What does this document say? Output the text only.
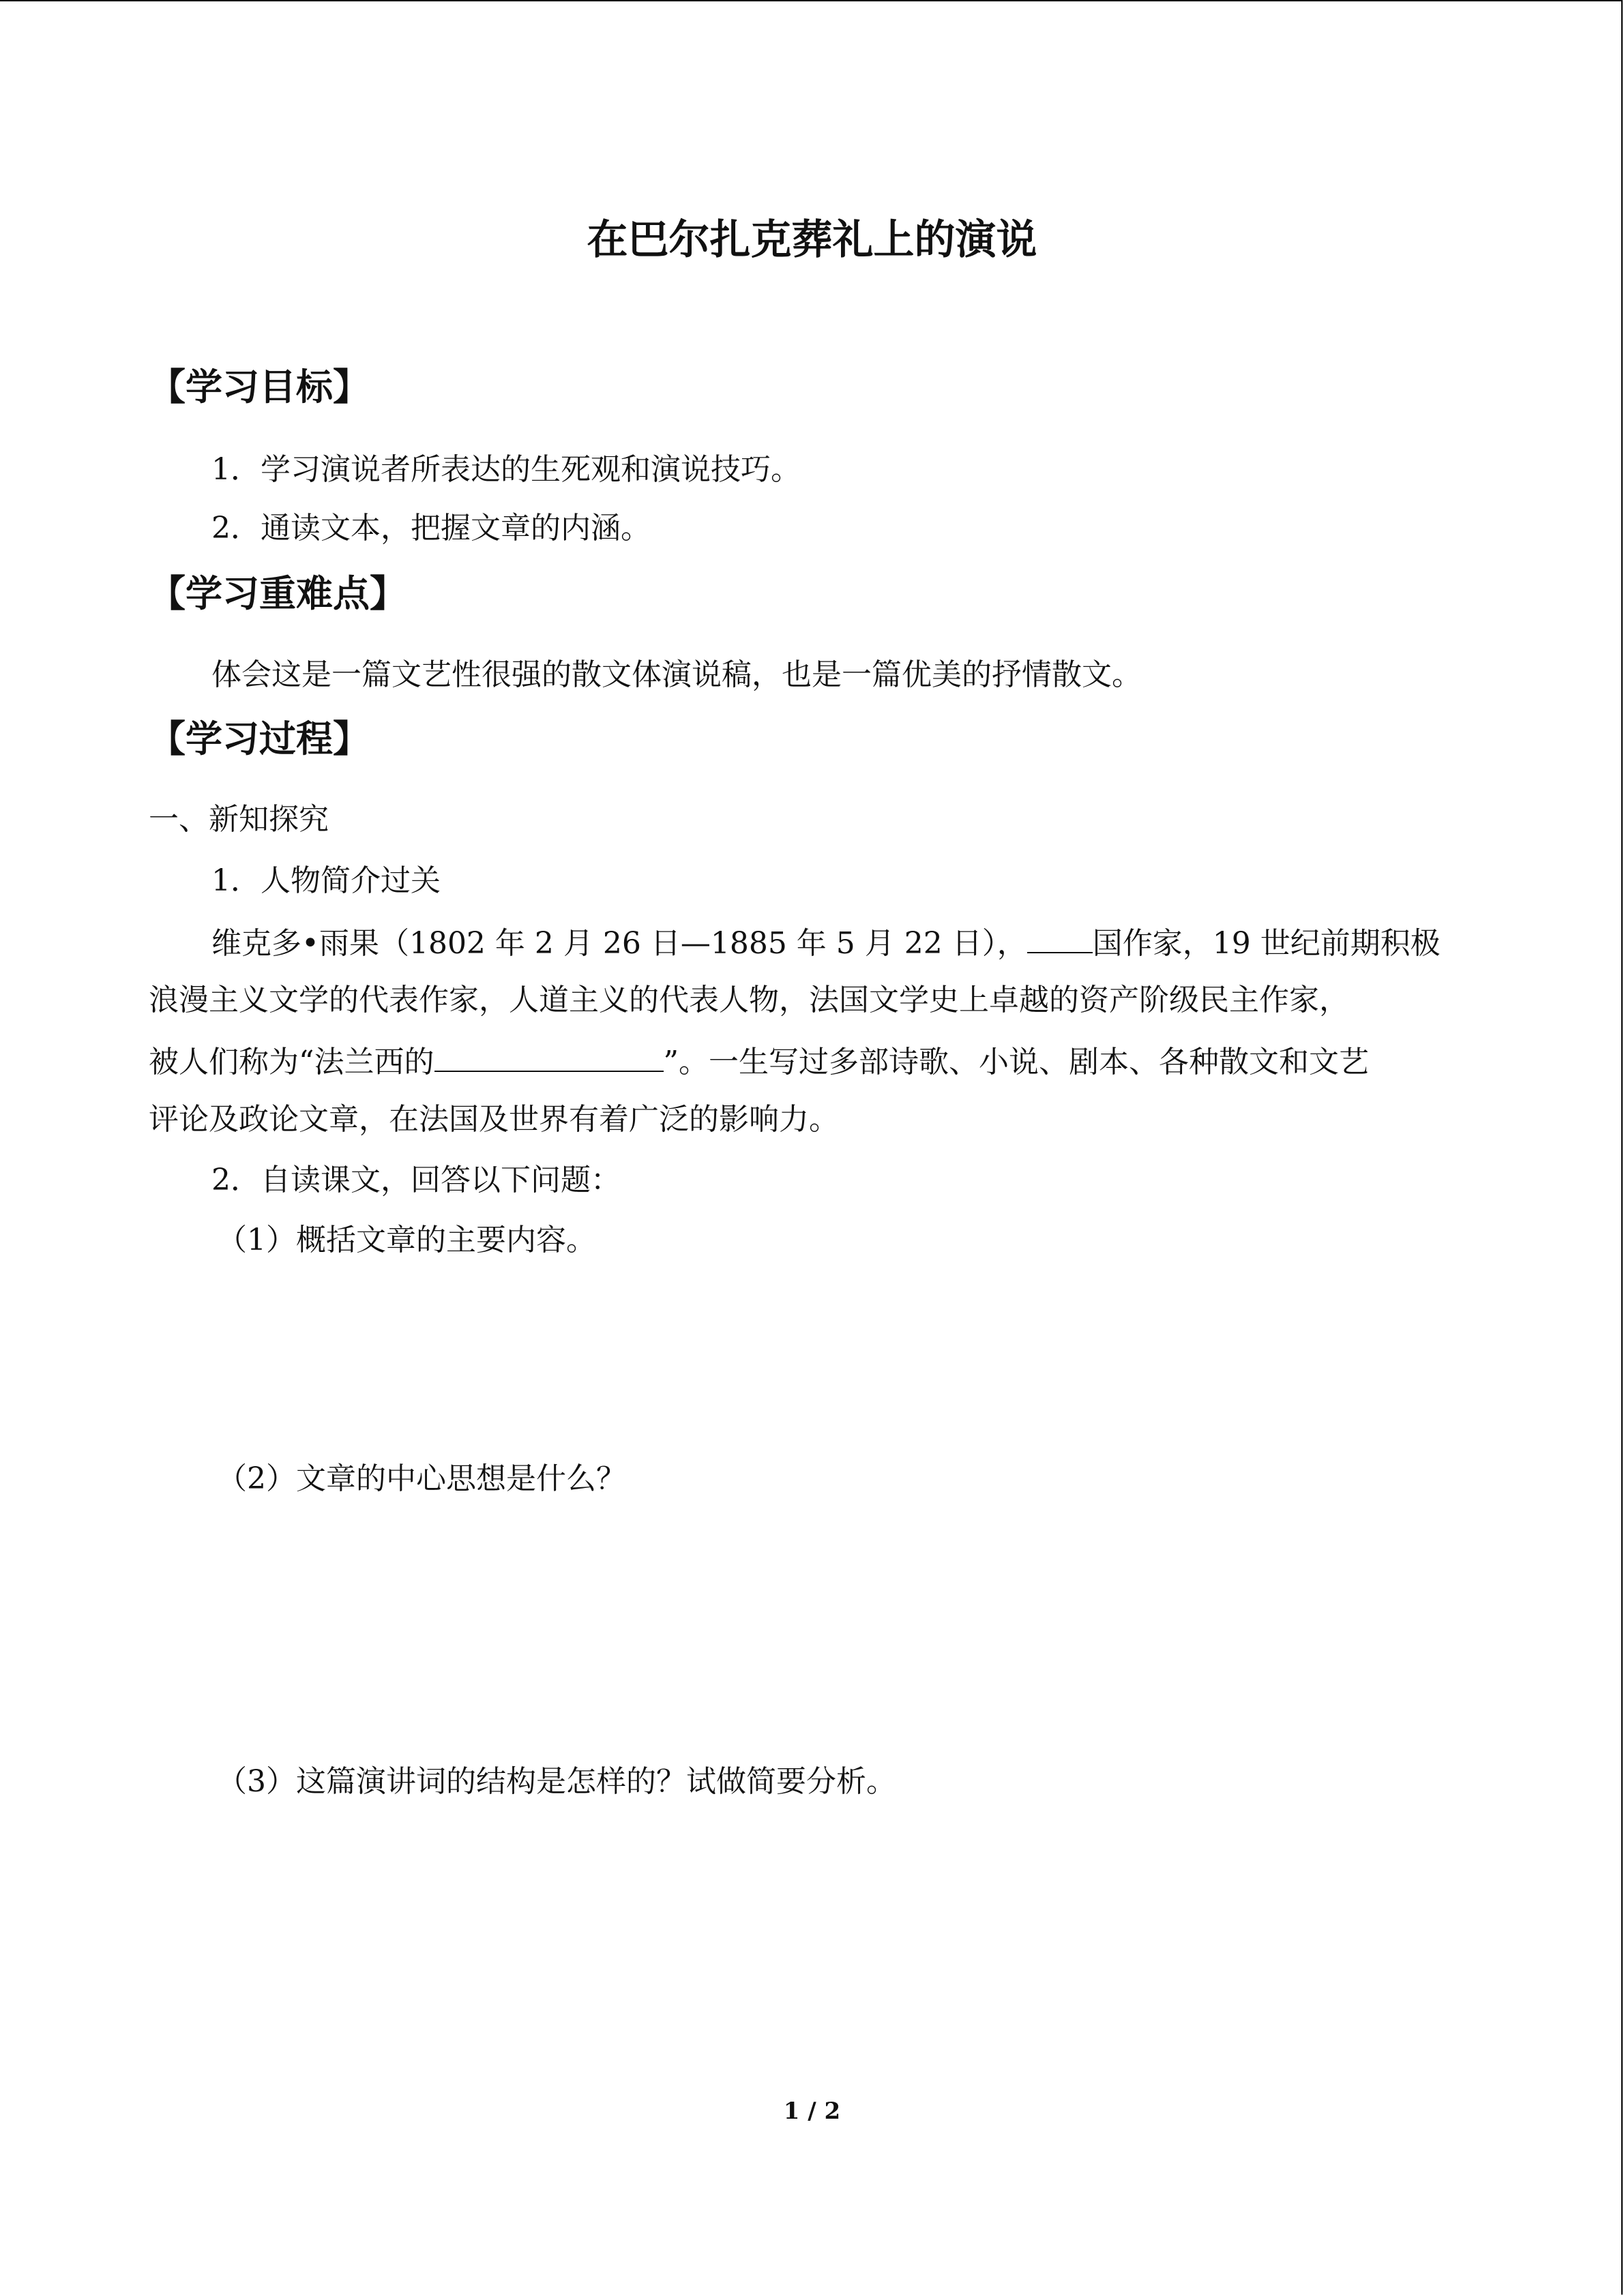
在巴尔扎克葬礼上的演说
【学习目标】
1．学习演说者所表达的生死观和演说技巧。
2．通读文本，把握文章的内涵。
【学习重难点】
体会这是一篇文艺性很强的散文体演说稿，也是一篇优美的抒情散文。
【学习过程】
一、新知探究
1．人物简介过关
维克多•雨果（1802 年 2 月 26 日—1885 年 5 月 22 日）， 国作家，19 世纪前期积极
浪漫主义文学的代表作家，人道主义的代表人物，法国文学史上卓越的资产阶级民主作家，
被人们称为“法兰西的	”。一生写过多部诗歌、小说、剧本、各种散文和文艺
评论及政论文章，在法国及世界有着广泛的影响力。
2．自读课文，回答以下问题：
（1）概括文章的主要内容。
（2）文章的中心思想是什么？
（3）这篇演讲词的结构是怎样的？试做简要分析。
1 / 2
